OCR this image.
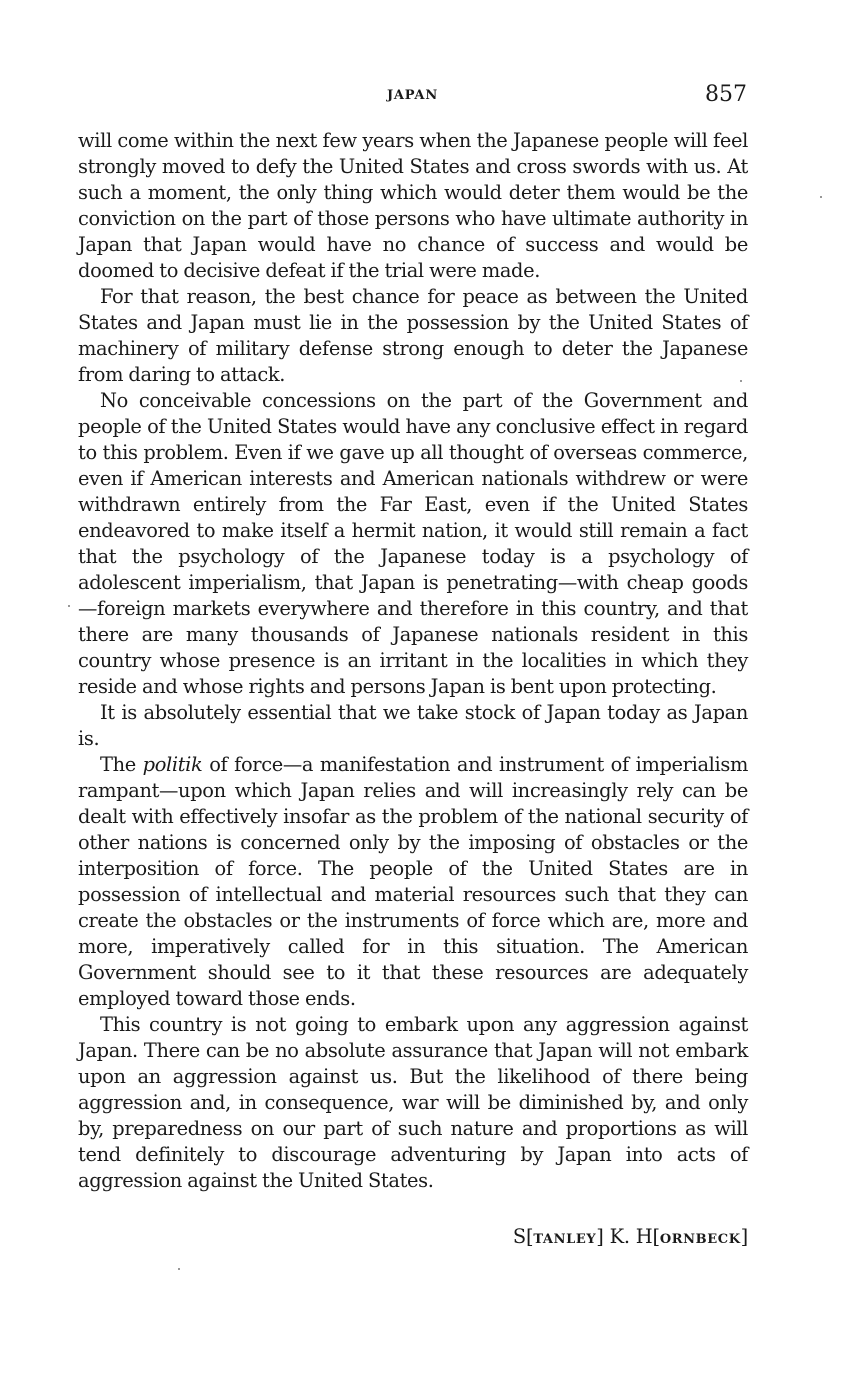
JAPAN	857

will come within the next few years when the Japanese people will feel strongly moved to defy the United States and cross swords with us. At such a moment, the only thing which would deter them would be the conviction on the part of those persons who have ultimate authority in Japan that Japan would have no chance of success and would be doomed to decisive defeat if the trial were made.

For that reason, the best chance for peace as between the United States and Japan must lie in the possession by the United States of machinery of military defense strong enough to deter the Japanese from daring to attack.

No conceivable concessions on the part of the Government and people of the United States would have any conclusive effect in regard to this problem. Even if we gave up all thought of overseas commerce, even if American interests and American nationals withdrew or were withdrawn entirely from the Far East, even if the United States endeavored to make itself a hermit nation, it would still remain a fact that the psychology of the Japanese today is a psychology of adolescent imperialism, that Japan is penetrating—with cheap goods—foreign markets everywhere and therefore in this country, and that there are many thousands of Japanese nationals resident in this country whose presence is an irritant in the localities in which they reside and whose rights and persons Japan is bent upon protecting.

It is absolutely essential that we take stock of Japan today as Japan is.

The politik of force—a manifestation and instrument of imperialism rampant—upon which Japan relies and will increasingly rely can be dealt with effectively insofar as the problem of the national security of other nations is concerned only by the imposing of obstacles or the interposition of force. The people of the United States are in possession of intellectual and material resources such that they can create the obstacles or the instruments of force which are, more and more, imperatively called for in this situation. The American Government should see to it that these resources are adequately employed toward those ends.

This country is not going to embark upon any aggression against Japan. There can be no absolute assurance that Japan will not embark upon an aggression against us. But the likelihood of there being aggression and, in consequence, war will be diminished by, and only by, preparedness on our part of such nature and proportions as will tend definitely to discourage adventuring by Japan into acts of aggression against the United States.

S[TANLEY] K. H[ORNBECK]
